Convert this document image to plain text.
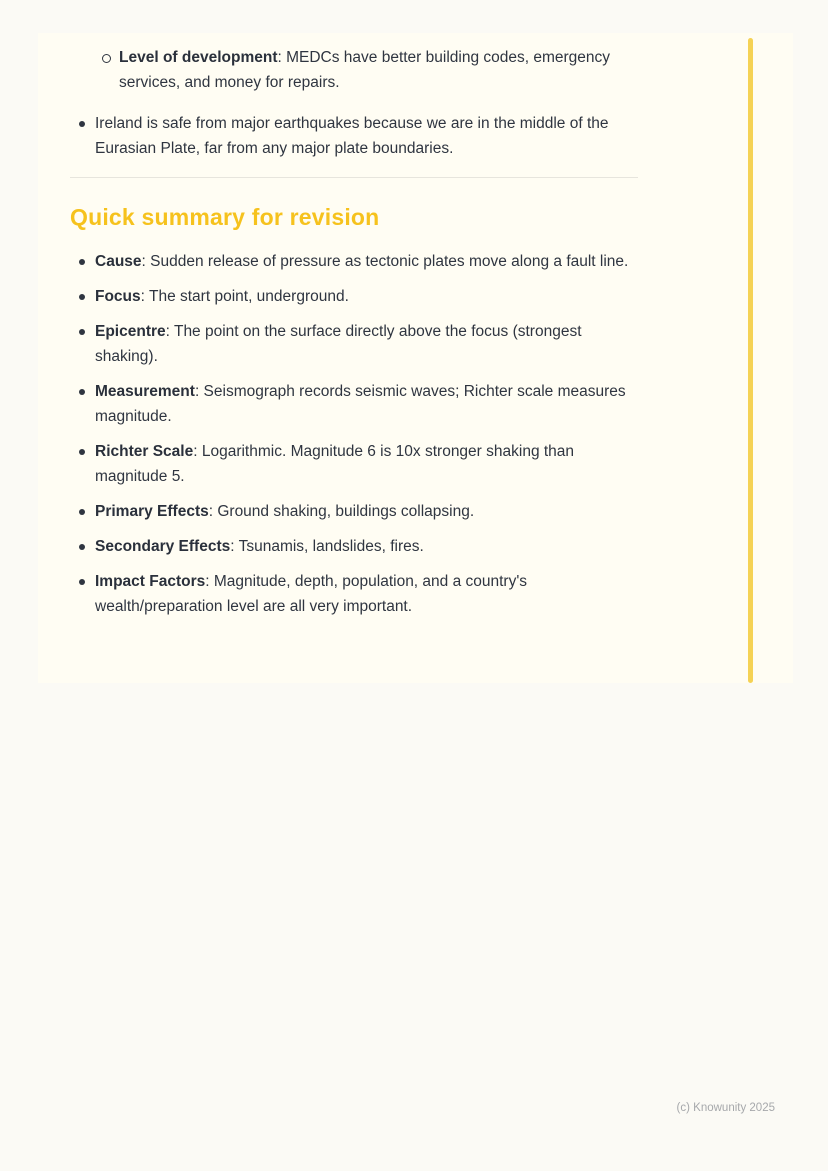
Level of development: MEDCs have better building codes, emergency services, and money for repairs.
Ireland is safe from major earthquakes because we are in the middle of the Eurasian Plate, far from any major plate boundaries.
Quick summary for revision
Cause: Sudden release of pressure as tectonic plates move along a fault line.
Focus: The start point, underground.
Epicentre: The point on the surface directly above the focus (strongest shaking).
Measurement: Seismograph records seismic waves; Richter scale measures magnitude.
Richter Scale: Logarithmic. Magnitude 6 is 10x stronger shaking than magnitude 5.
Primary Effects: Ground shaking, buildings collapsing.
Secondary Effects: Tsunamis, landslides, fires.
Impact Factors: Magnitude, depth, population, and a country's wealth/preparation level are all very important.
(c) Knowunity 2025
